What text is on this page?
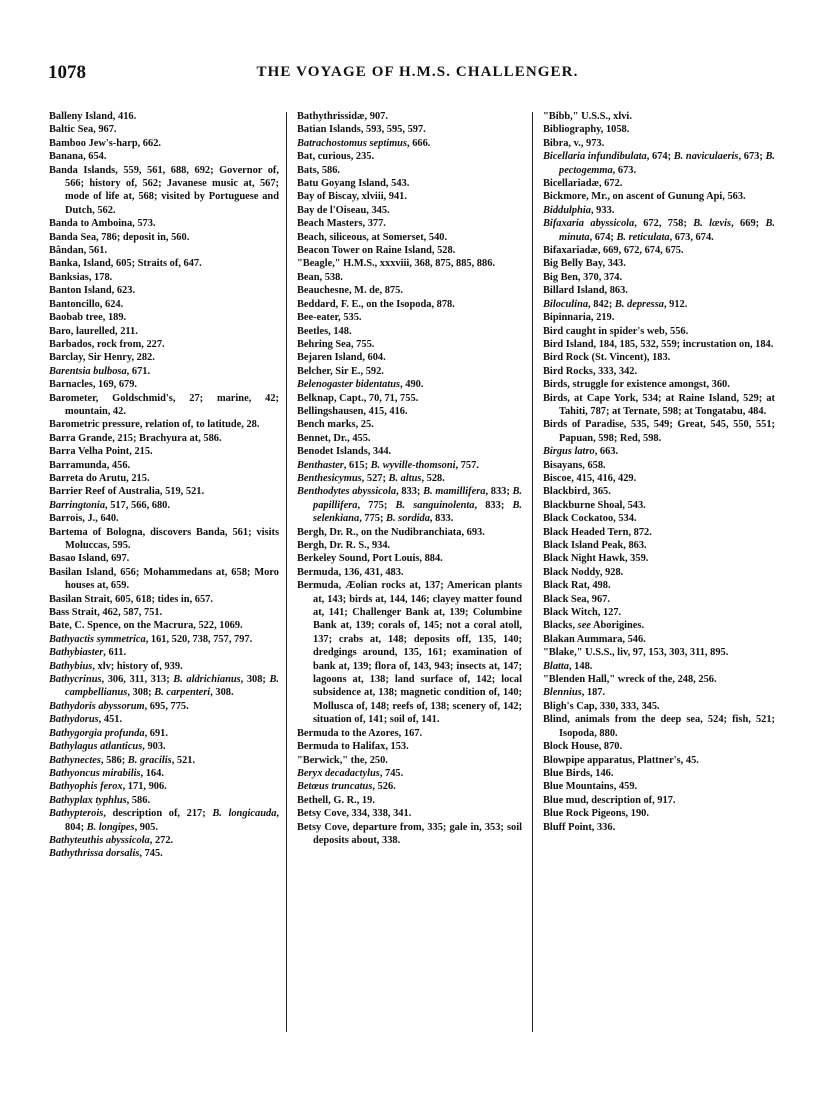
1078	THE VOYAGE OF H.M.S. CHALLENGER.

Balleny Island, 416.

Baltic Sea, 967.

Bamboo Jew's-harp, 662.

Banana, 654.

Banda Islands, 559, 561, 688, 692; Governor of, 566; history of, 562; Javanese music at, 567; mode of life at, 568; visited by Portuguese and Dutch, 562.

Banda to Amboina, 573.

Banda Sea, 786; deposit in, 560.

Bândan, 561.

Banka, Island, 605; Straits of, 647.

Banksias, 178.

Banton Island, 623.

Bantoncillo, 624.

Baobab tree, 189.

Baro, laurelled, 211.

Barbados, rock from, 227.

Barclay, Sir Henry, 282.

Barentsia bulbosa, 671.

Barnacles, 169, 679.

Barometer, Goldschmid's, 27; marine, 42; mountain, 42.

Barometric pressure, relation of, to latitude, 28.

Barra Grande, 215; Brachyura at, 586.

Barra Velha Point, 215.

Barramunda, 456.

Barreta do Arutu, 215.

Barrier Reef of Australia, 519, 521.

Barringtonia, 517, 566, 680.

Barrois, J., 640.

Bartema of Bologna, discovers Banda, 561; visits Moluccas, 595.

Basao Island, 697.

Basilan Island, 656; Mohammedans at, 658; Moro houses at, 659.

Basilan Strait, 605, 618; tides in, 657.

Bass Strait, 462, 587, 751.

Bate, C. Spence, on the Macrura, 522, 1069.

Bathyactis symmetrica, 161, 520, 738, 757, 797.

Bathybiaster, 611.

Bathybius, xlv; history of, 939.

Bathycrinus, 306, 311, 313; B. aldrichianus, 308; B. campbellianus, 308; B. carpenteri, 308.

Bathydoris abyssorum, 695, 775.

Bathydorus, 451.

Bathygorgia profunda, 691.

Bathylagus atlanticus, 903.

Bathynectes, 586; B. gracilis, 521.

Bathyoncus mirabilis, 164.

Bathyophis ferox, 171, 906.

Bathyplax typhlus, 586.

Bathypterois, description of, 217; B. longicauda, 804; B. longipes, 905.

Bathyteuthis abyssicola, 272.

Bathythrissa dorsalis, 745.

Bathythrissidæ, 907.

Batian Islands, 593, 595, 597.

Batrachostomus septimus, 666.

Bat, curious, 235.

Bats, 586.

Batu Goyang Island, 543.

Bay of Biscay, xlviii, 941.

Bay de l'Oiseau, 345.

Beach Masters, 377.

Beach, siliceous, at Somerset, 540.

Beacon Tower on Raine Island, 528.

"Beagle," H.M.S., xxxviii, 368, 875, 885, 886.

Bean, 538.

Beauchesne, M. de, 875.

Beddard, F. E., on the Isopoda, 878.

Bee-eater, 535.

Beetles, 148.

Behring Sea, 755.

Bejaren Island, 604.

Belcher, Sir E., 592.

Belenogaster bidentatus, 490.

Belknap, Capt., 70, 71, 755.

Bellingshausen, 415, 416.

Bench marks, 25.

Bennet, Dr., 455.

Benodet Islands, 344.

Benthaster, 615; B. wyville-thomsoni, 757.

Benthesicymus, 527; B. altus, 528.

Benthodytes abyssicola, 833; B. mamillifera, 833; B. papillifera, 775; B. sanguinolenta, 833; B. selenkiana, 775; B. sordida, 833.

Bergh, Dr. R., on the Nudibranchiata, 693.

Bergh, Dr. R. S., 934.

Berkeley Sound, Port Louis, 884.

Bermuda, 136, 431, 483.

Bermuda, Æolian rocks at, 137; American plants at, 143; birds at, 144, 146; clayey matter found at, 141; Challenger Bank at, 139; Columbine Bank at, 139; corals of, 145; not a coral atoll, 137; crabs at, 148; deposits off, 135, 140; dredgings around, 135, 161; examination of bank at, 139; flora of, 143, 943; insects at, 147; lagoons at, 138; land surface of, 142; local subsidence at, 138; magnetic condition of, 140; Mollusca of, 148; reefs of, 138; scenery of, 142; situation of, 141; soil of, 141.

Bermuda to the Azores, 167.

Bermuda to Halifax, 153.

"Berwick," the, 250.

Beryx decadactylus, 745.

Betœus truncatus, 526.

Bethell, G. R., 19.

Betsy Cove, 334, 338, 341.

Betsy Cove, departure from, 335; gale in, 353; soil deposits about, 338.

"Bibb," U.S.S., xlvi.

Bibliography, 1058.

Bibra, v., 973.

Bicellaria infundibulata, 674; B. naviculaeris, 673; B. pectogemma, 673.

Bicellariadæ, 672.

Bickmore, Mr., on ascent of Gunung Api, 563.

Biddulphia, 933.

Bifaxaria abyssicola, 672, 758; B. lævis, 669; B. minuta, 674; B. reticulata, 673, 674.

Bifaxariadæ, 669, 672, 674, 675.

Big Belly Bay, 343.

Big Ben, 370, 374.

Billard Island, 863.

Biloculina, 842; B. depressa, 912.

Bipinnaria, 219.

Bird caught in spider's web, 556.

Bird Island, 184, 185, 532, 559; incrustation on, 184.

Bird Rock (St. Vincent), 183.

Bird Rocks, 333, 342.

Birds, struggle for existence amongst, 360.

Birds, at Cape York, 534; at Raine Island, 529; at Tahiti, 787; at Ternate, 598; at Tongatabu, 484.

Birds of Paradise, 535, 549; Great, 545, 550, 551; Papuan, 598; Red, 598.

Birgus latro, 663.

Bisayans, 658.

Biscoe, 415, 416, 429.

Blackbird, 365.

Blackburne Shoal, 543.

Black Cockatoo, 534.

Black Headed Tern, 872.

Black Island Peak, 863.

Black Night Hawk, 359.

Black Noddy, 928.

Black Rat, 498.

Black Sea, 967.

Black Witch, 127.

Blacks, see Aborigines.

Blakan Aummara, 546.

"Blake," U.S.S., liv, 97, 153, 303, 311, 895.

Blatta, 148.

"Blenden Hall," wreck of the, 248, 256.

Blennius, 187.

Bligh's Cap, 330, 333, 345.

Blind, animals from the deep sea, 524; fish, 521; Isopoda, 880.

Block House, 870.

Blowpipe apparatus, Plattner's, 45.

Blue Birds, 146.

Blue Mountains, 459.

Blue mud, description of, 917.

Blue Rock Pigeons, 190.

Bluff Point, 336.
